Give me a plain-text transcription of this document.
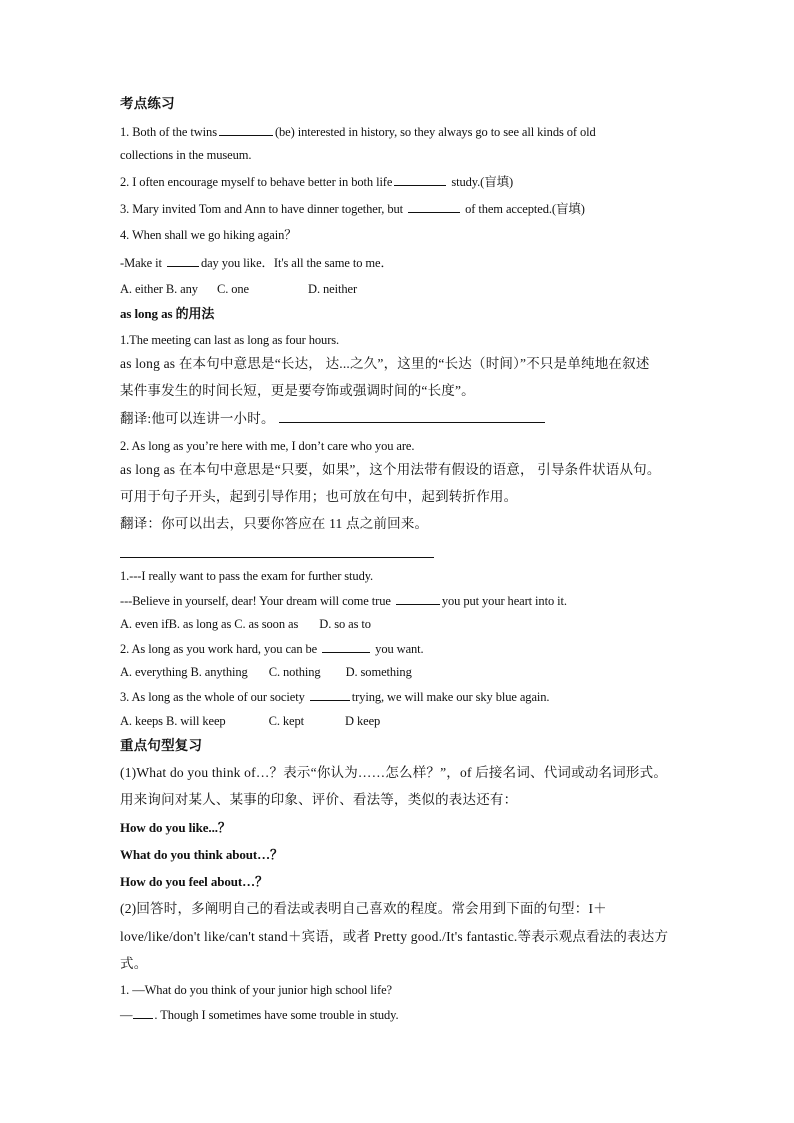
考点练习
1. Both of the twins	(be) interested in history, so they always go to see all kinds of old
collections in the museum.
2. I often encourage myself to behave better in both life	study.(盲填)
3. Mary invited Tom and Ann to have dinner together, but	of them accepted.(盲填)
4. When shall we go hiking again？
-Make it	day you like．It's all the same to me．
A. either B. any C. one	D. neither
as long as 的用法
1.The meeting can last as long as four hours.
as long as 在本句中意思是“长达， 达...之久”，这里的“长达（时间）”不只是单纯地在叙述
某件事发生的时间长短，更是要夸饰或强调时间的“长度”。
翻译:他可以连讲一小时。
2. As long as you’re here with me, I don’t care who you are.
as long as 在本句中意思是“只要，如果”，这个用法带有假设的语意， 引导条件状语从句。
可用于句子开头，起到引导作用；也可放在句中，起到转折作用。
翻译：你可以出去，只要你答应在 11 点之前回来。
1.---I really want to pass the exam for further study.
---Believe in yourself, dear! Your dream will come true	you put your heart into it.
A. even ifB. as long as C. as soon as D. so as to
2. As long as you work hard, you can be	you want.
A. everything B. anything C. nothing D. something
3. As long as the whole of our society	trying, we will make our sky blue again.
A. keeps B. will keep	C. kept	D keep
重点句型复习
(1)What do you think of…？表示“你认为……怎么样？”，of 后接名词、代词或动名词形式。
用来询问对某人、某事的印象、评价、看法等，类似的表达还有：
How do you like...？
What do you think about…？
How do you feel about…？
(2)回答时，多阐明自己的看法或表明自己喜欢的程度。常会用到下面的句型：I＋
love/like/don't like/can't stand＋宾语，或者 Pretty good./It's fantastic.等表示观点看法的表达方
式。
1. —What do you think of your junior high school life?
— . Though I sometimes have some trouble in study.
